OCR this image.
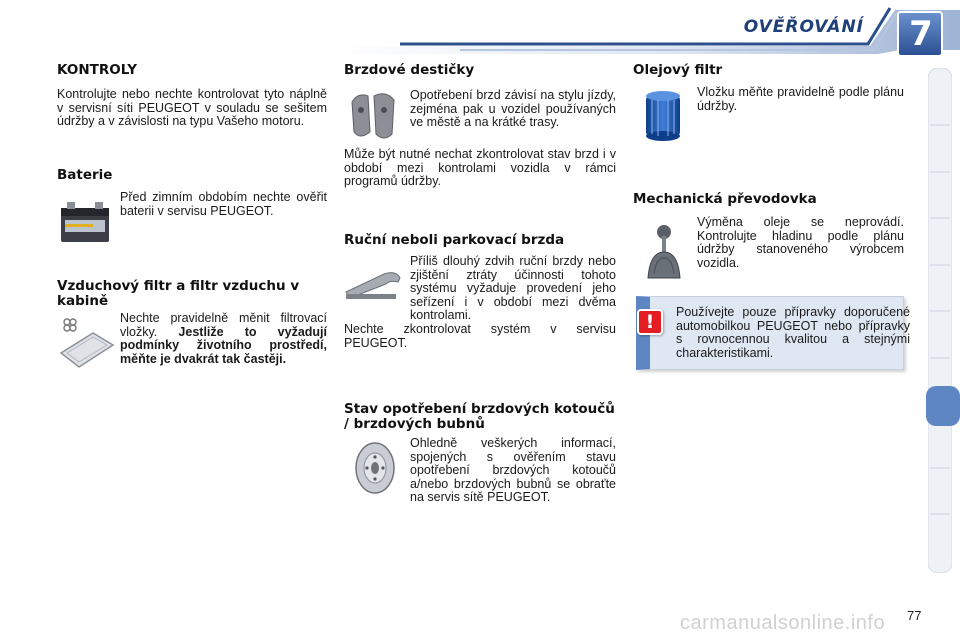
OVĚŘOVÁNÍ 7
KONTROLY
Kontrolujte nebo nechte kontrolovat tyto náplně v servisní síti PEUGEOT v souladu se sešitem údržby a v závislosti na typu Vašeho motoru.
Baterie
Před zimním obdobím nechte ověřit baterii v servisu PEUGEOT.
Vzduchový filtr a filtr vzduchu v kabině
Nechte pravidelně měnit filtrovací vložky. Jestliže to vyžadují podmínky životního prostředí, měňte je dvakrát tak častěji.
Brzdové destičky
Opotřebení brzd závisí na stylu jízdy, zejména pak u vozidel používaných ve městě a na krátké trasy.
Může být nutné nechat zkontrolovat stav brzd i v období mezi kontrolami vozidla v rámci programů údržby.
Ruční neboli parkovací brzda
Příliš dlouhý zdvih ruční brzdy nebo zjištění ztráty účinnosti tohoto systému vyžaduje provedení jeho seřízení i v období mezi dvěma kontrolami.
Nechte zkontrolovat systém v servisu PEUGEOT.
Stav opotřebení brzdových kotoučů / brzdových bubnů
Ohledně veškerých informací, spojených s ověřením stavu opotřebení brzdových kotoučů a/nebo brzdových bubnů se obraťte na servis sítě PEUGEOT.
Olejový filtr
Vložku měňte pravidelně podle plánu údržby.
Mechanická převodovka
Výměna oleje se neprovádí. Kontrolujte hladinu podle plánu údržby stanoveného výrobcem vozidla.
!	Používejte pouze přípravky doporučené automobilkou PEUGEOT nebo přípravky s rovnocennou kvalitou a stejnými charakteristikami.
carmanualsonline.info 77
